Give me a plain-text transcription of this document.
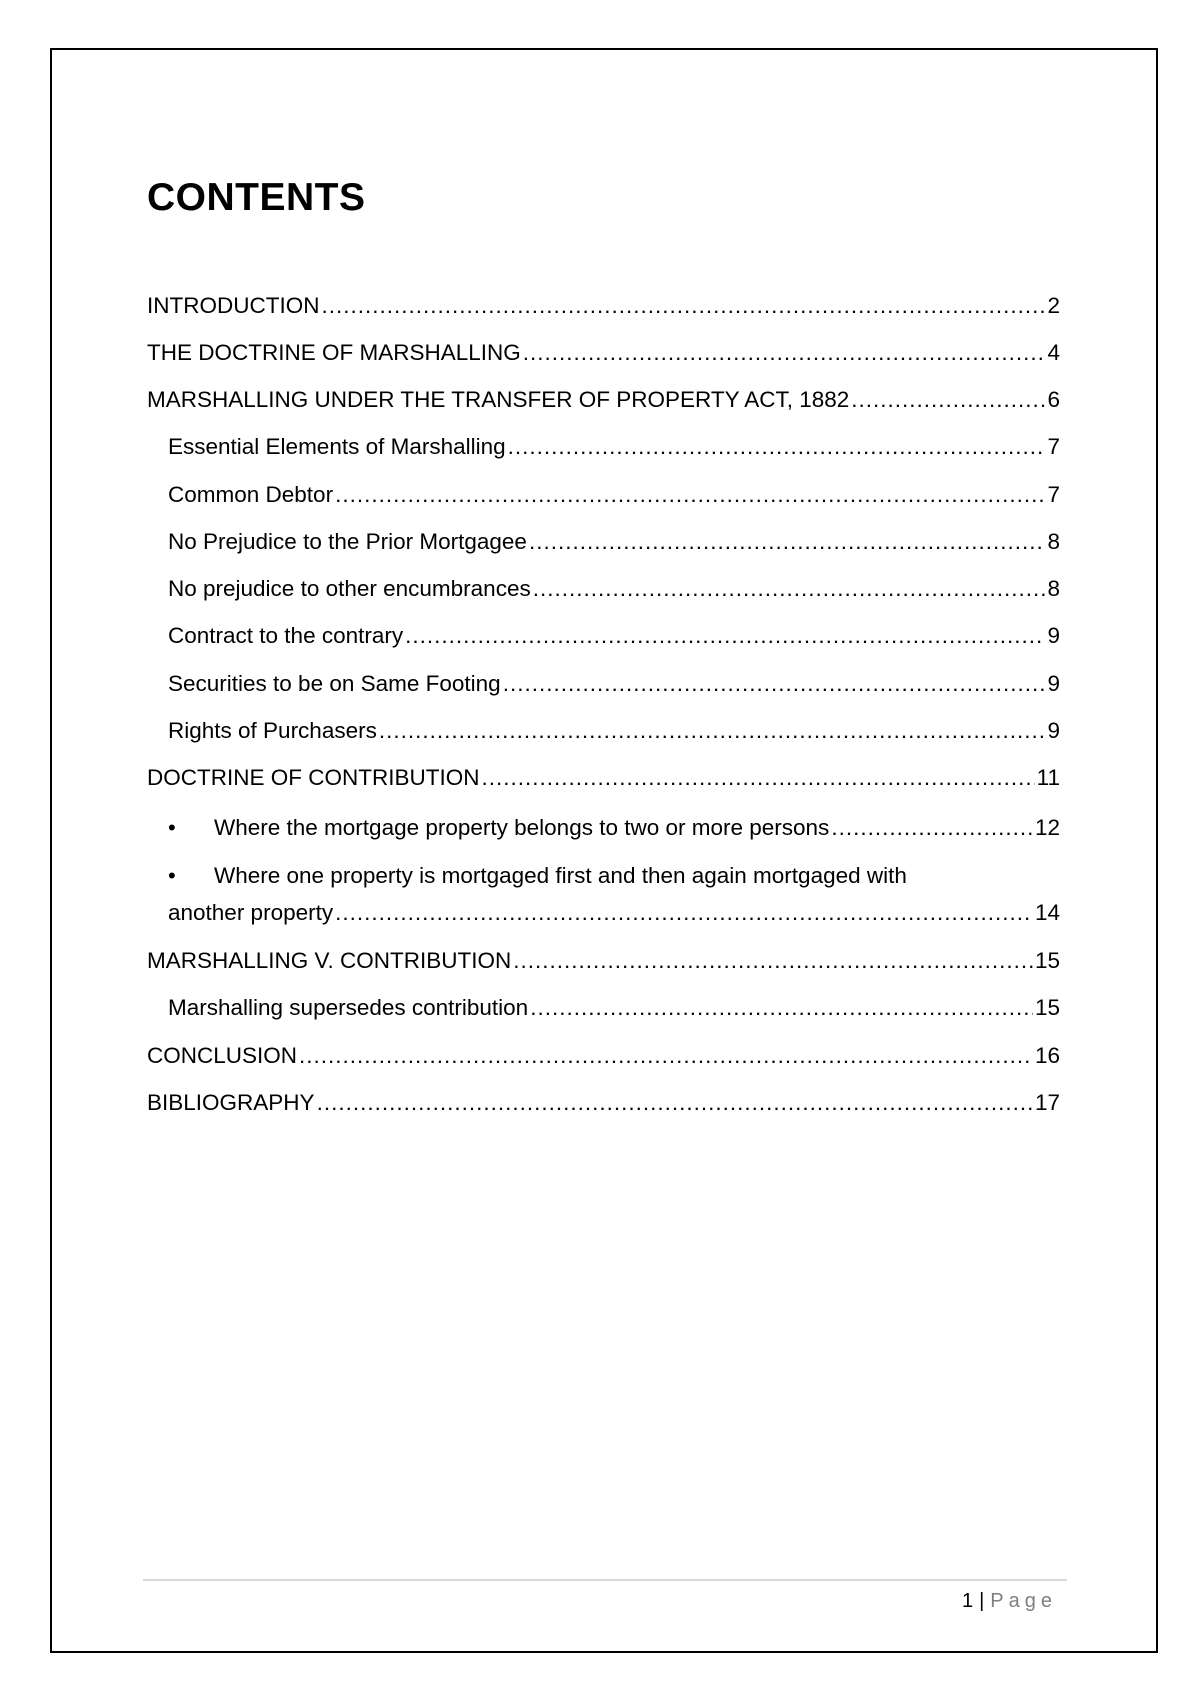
CONTENTS
INTRODUCTION .....	2
THE DOCTRINE OF MARSHALLING .....	4
MARSHALLING UNDER THE TRANSFER OF PROPERTY ACT, 1882 .....	6
Essential Elements of Marshalling .....	7
Common Debtor .....	7
No Prejudice to the Prior Mortgagee .....	8
No prejudice to other encumbrances .....	8
Contract to the contrary .....	9
Securities to be on Same Footing .....	9
Rights of Purchasers .....	9
DOCTRINE OF CONTRIBUTION .....	11
•	Where the mortgage property belongs to two or more persons .....	12
•	Where one property is mortgaged first and then again mortgaged with
another property .....	14
MARSHALLING V. CONTRIBUTION .....	15
Marshalling supersedes contribution .....	15
CONCLUSION .....	16
BIBLIOGRAPHY .....	17
1 | Page
